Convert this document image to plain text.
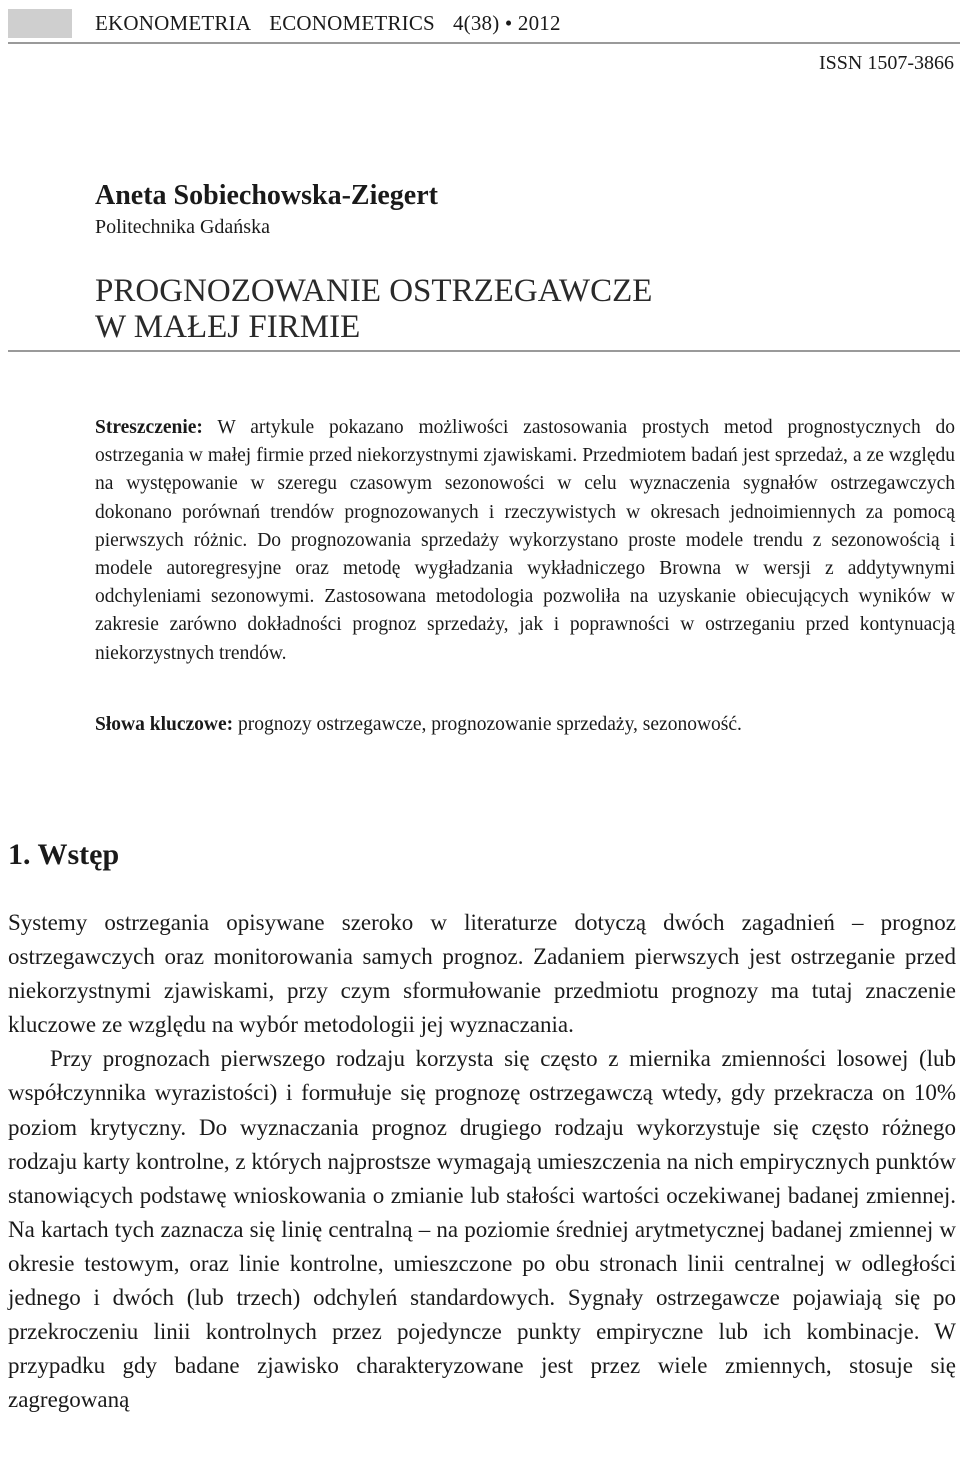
EKONOMETRIA ECONOMETRICS 4(38) • 2012
ISSN 1507-3866
Aneta Sobiechowska-Ziegert
Politechnika Gdańska
PROGNOZOWANIE OSTRZEGAWCZE
W MAŁEJ FIRMIE
Streszczenie: W artykule pokazano możliwości zastosowania prostych metod prognostycznych do ostrzegania w małej firmie przed niekorzystnymi zjawiskami. Przedmiotem badań jest sprzedaż, a ze względu na występowanie w szeregu czasowym sezonowości w celu wyznaczenia sygnałów ostrzegawczych dokonano porównań trendów prognozowanych i rzeczywistych w okresach jednoimiennych za pomocą pierwszych różnic. Do prognozowania sprzedaży wykorzystano proste modele trendu z sezonowością i modele autoregresyjne oraz metodę wygładzania wykładniczego Browna w wersji z addytywnymi odchyleniami sezonowymi. Zastosowana metodologia pozwoliła na uzyskanie obiecujących wyników w zakresie zarówno dokładności prognoz sprzedaży, jak i poprawności w ostrzeganiu przed kontynuacją niekorzystnych trendów.
Słowa kluczowe: prognozy ostrzegawcze, prognozowanie sprzedaży, sezonowość.
1. Wstęp

Systemy ostrzegania opisywane szeroko w literaturze dotyczą dwóch zagadnień – prognoz ostrzegawczych oraz monitorowania samych prognoz. Zadaniem pierwszych jest ostrzeganie przed niekorzystnymi zjawiskami, przy czym sformułowanie przedmiotu prognozy ma tutaj znaczenie kluczowe ze względu na wybór metodologii jej wyznaczania.

Przy prognozach pierwszego rodzaju korzysta się często z miernika zmienności losowej (lub współczynnika wyrazistości) i formułuje się prognozę ostrzegawczą wtedy, gdy przekracza on 10% poziom krytyczny. Do wyznaczania prognoz drugiego rodzaju wykorzystuje się często różnego rodzaju karty kontrolne, z których najprostsze wymagają umieszczenia na nich empirycznych punktów stanowiących podstawę wnioskowania o zmianie lub stałości wartości oczekiwanej badanej zmiennej. Na kartach tych zaznacza się linię centralną – na poziomie średniej arytmetycznej badanej zmiennej w okresie testowym, oraz linie kontrolne, umieszczone po obu stronach linii centralnej w odległości jednego i dwóch (lub trzech) odchyleń standardowych. Sygnały ostrzegawcze pojawiają się po przekroczeniu linii kontrolnych przez pojedyncze punkty empiryczne lub ich kombinacje. W przypadku gdy badane zjawisko charakteryzowane jest przez wiele zmiennych, stosuje się zagregowaną
